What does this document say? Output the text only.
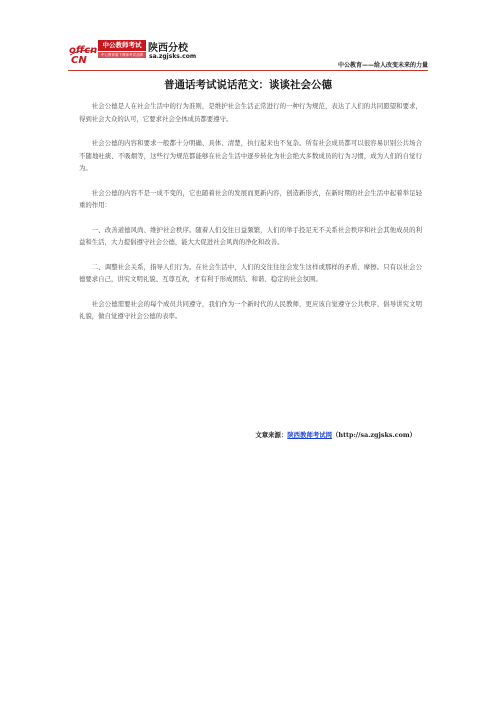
offcn
CN
中公教师考试
中公教育旗下教师考试品牌
陕西分校
sa.zgjsks.com
中公教育——给人改变未来的力量
普通话考试说话范文：谈谈社会公德

社会公德是人在社会生活中的行为准则，是维护社会生活正常进行的一种行为规范，表达了人们的共同愿望和要求，得到社会大众的认可，它要求社会全体成员都要遵守。

社会公德的内容和要求一般都十分明确、具体、清楚，执行起来也不复杂。所有社会成员都可以很容易识别公共场合不随地吐痰、不吸烟等，这些行为规范都能够在社会生活中逐步转化为社会绝大多数成员的行为习惯，成为人们的自觉行为。

社会公德的内容不是一成不变的，它也随着社会的发展而更新内容，创造新形式，在新时期的社会生活中起着举足轻重的作用：

一、改善道德风尚、维护社会秩序。随着人们交往日益频繁，人们的举手投足无不关系社会秩序和社会其他成员的利益和生活，大力提倡遵守社会公德，能大大促进社会风尚的净化和改善。

二、调整社会关系，指导人们行为。在社会生活中，人们的交往往往会发生这样或那样的矛盾、摩擦。只有以社会公德要求自己，讲究文明礼貌、互尊互欢，才有利于形成团结、和谐、稳定的社会氛围。

社会公德需要社会的每个成员共同遵守，我们作为一个新时代的人民教师，更应该自觉遵守公共秩序、倡导讲究文明礼貌，做自觉遵守社会公德的表率。

文章来源：陕西教师考试网（http://sa.zgjsks.com）
